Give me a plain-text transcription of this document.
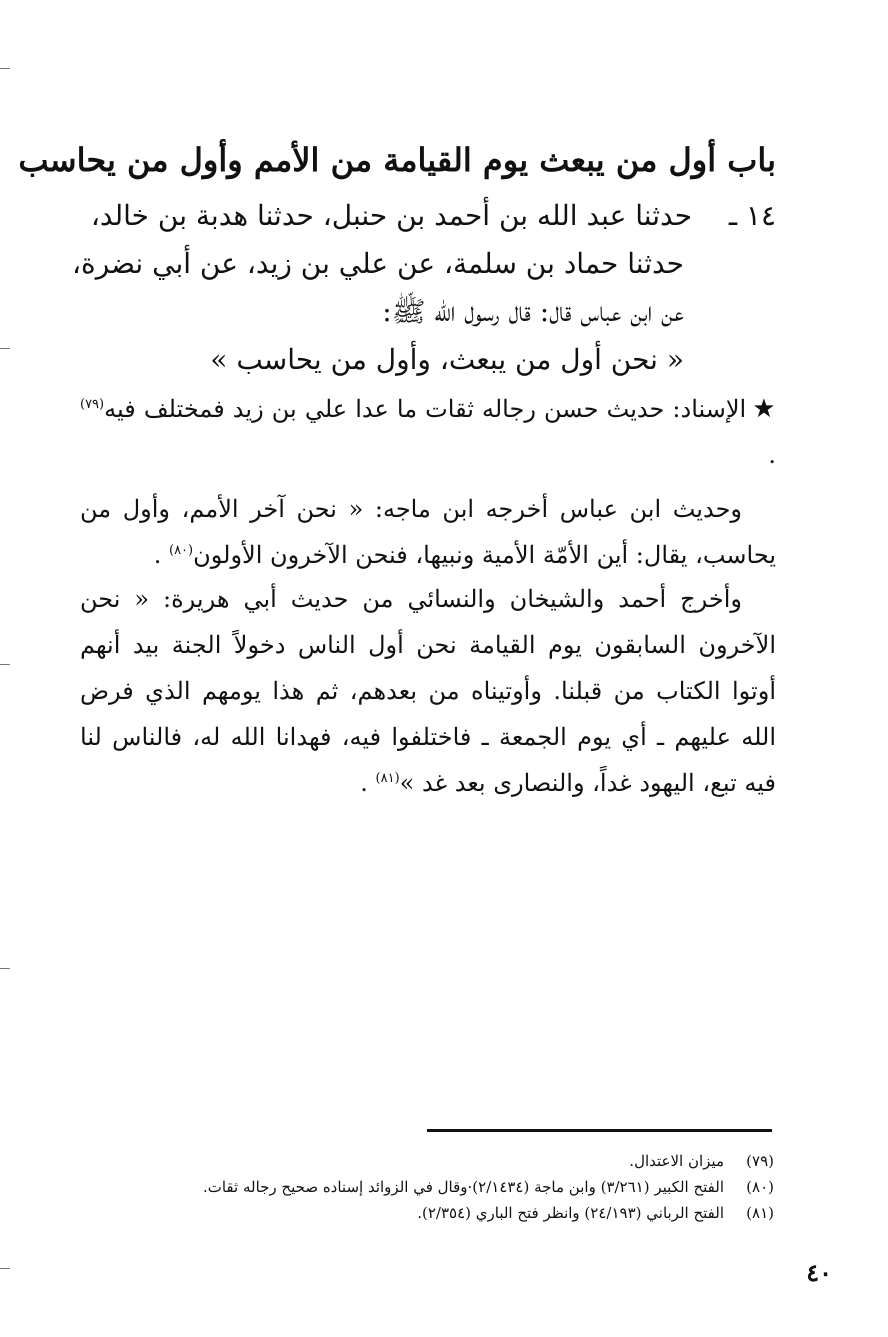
باب أول من يبعث يوم القيامة من الأمم وأول من يحاسب
١٤ ـحدثنا عبد الله بن أحمد بن حنبل، حدثنا هدبة بن خالد،
حدثنا حماد بن سلمة، عن علي بن زيد، عن أبي نضرة،
عن ابن عباس قال: قال رسول الله ﷺ:
« نحن أول من يبعث، وأول من يحاسب »
★الإسناد: حديث حسن رجاله ثقات ما عدا علي بن زيد فمختلف فيه$^{(٧٩)}$ .
وحديث ابن عباس أخرجه ابن ماجه: « نحن آخر الأمم، وأول من يحاسب، يقال: أين الأمّة الأمية ونبيها، فنحن الآخرون الأولون$^{(٨٠)}$ .
وأخرج أحمد والشيخان والنسائي من حديث أبي هريرة: « نحن الآخرون السابقون يوم القيامة نحن أول الناس دخولاً الجنة بيد أنهم أوتوا الكتاب من قبلنا. وأوتيناه من بعدهم، ثم هذا يومهم الذي فرض الله عليهم ـ أي يوم الجمعة ـ فاختلفوا فيه، فهدانا الله له، فالناس لنا فيه تبع، اليهود غداً، والنصارى بعد غد »$^{(٨١)}$ .
(٧٩)ميزان الاعتدال.
(٨٠)الفتح الكبير (٣/٢٦١) وابن ماجة (٢/١٤٣٤)·وقال في الزوائد إسناده صحيح رجاله ثقات.
(٨١)الفتح الرباني (٢٤/١٩٣) وانظر فتح الباري (٢/٣٥٤).
٤٠
